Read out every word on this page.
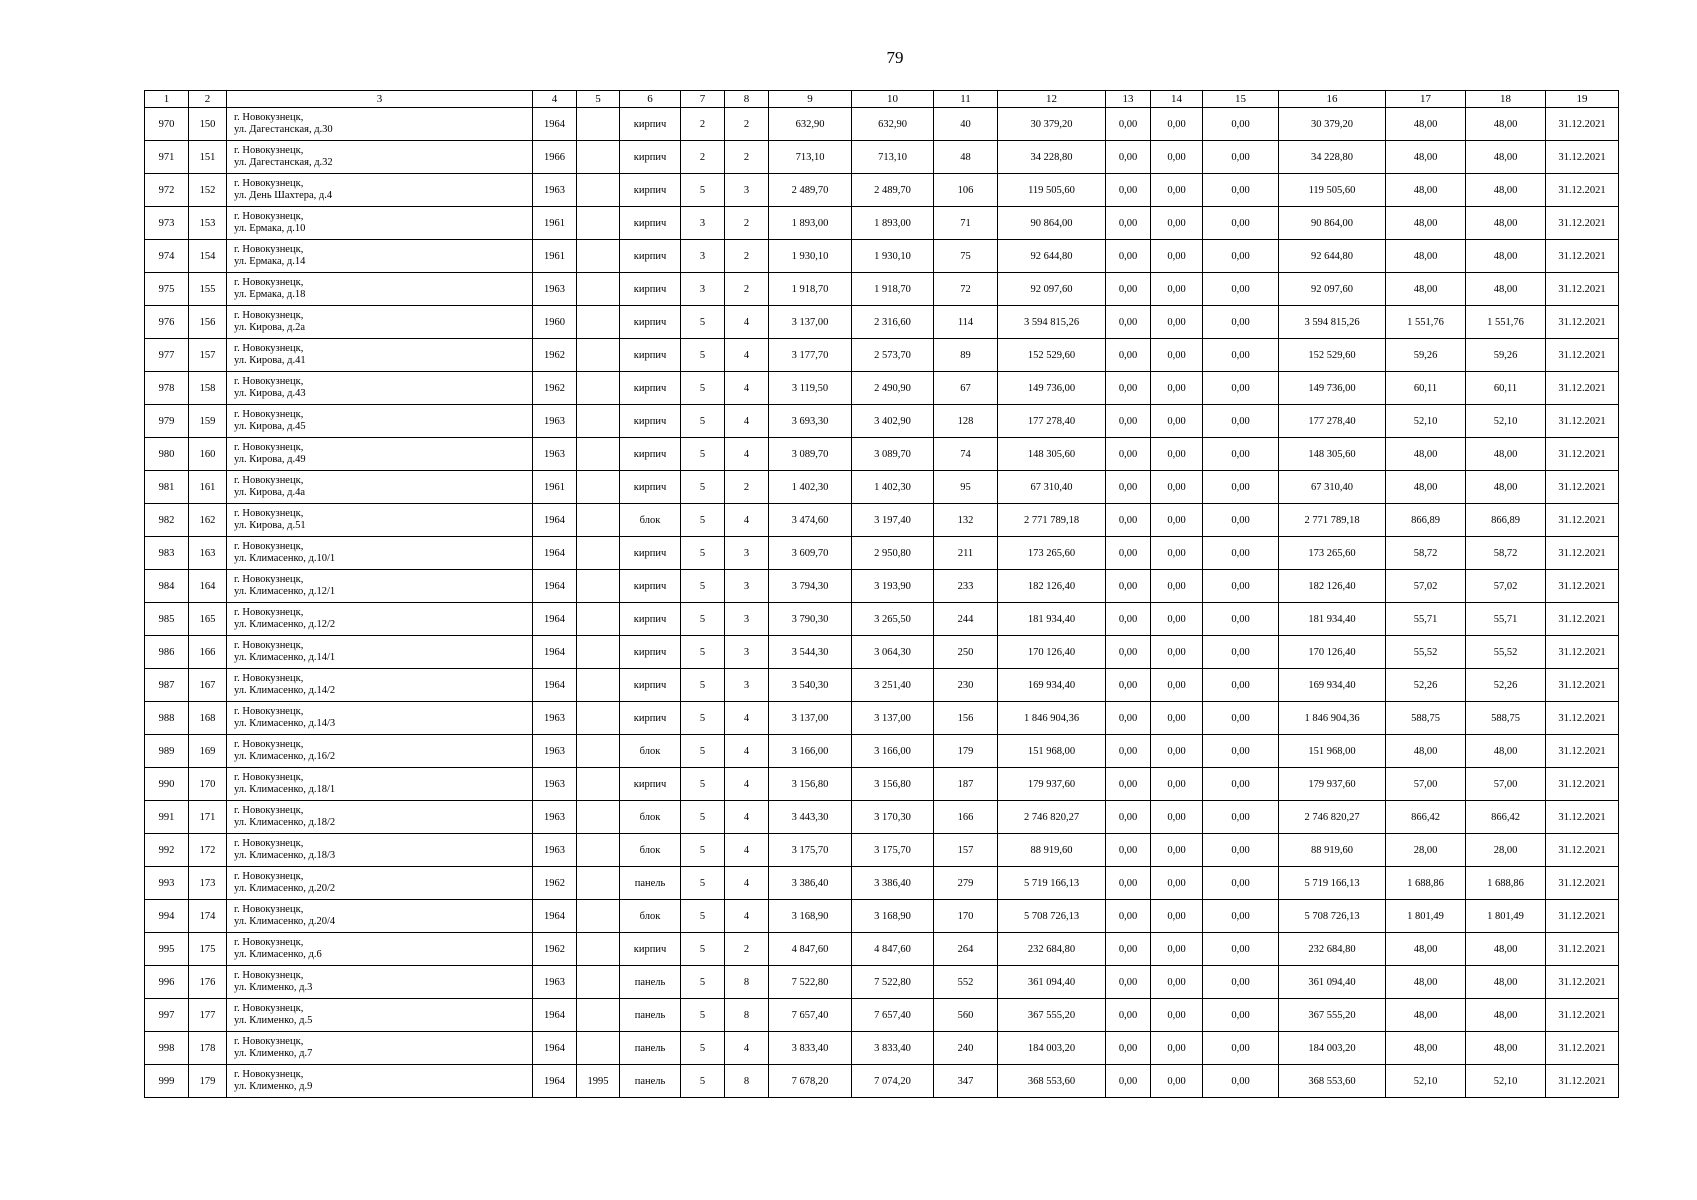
79
1	2	3	4	5	6	7	8	9	10	11	12	13	14	15	16	17	18	19
970	150	г. Новокузнецк,
ул. Дагестанская, д.30	1964		кирпич	2	2	632,90	632,90	40	30 379,20	0,00	0,00	0,00	30 379,20	48,00	48,00	31.12.2021
971	151	г. Новокузнецк,
ул. Дагестанская, д.32	1966		кирпич	2	2	713,10	713,10	48	34 228,80	0,00	0,00	0,00	34 228,80	48,00	48,00	31.12.2021
972	152	г. Новокузнецк,
ул. День Шахтера, д.4	1963		кирпич	5	3	2 489,70	2 489,70	106	119 505,60	0,00	0,00	0,00	119 505,60	48,00	48,00	31.12.2021
973	153	г. Новокузнецк,
ул. Ермака, д.10	1961		кирпич	3	2	1 893,00	1 893,00	71	90 864,00	0,00	0,00	0,00	90 864,00	48,00	48,00	31.12.2021
974	154	г. Новокузнецк,
ул. Ермака, д.14	1961		кирпич	3	2	1 930,10	1 930,10	75	92 644,80	0,00	0,00	0,00	92 644,80	48,00	48,00	31.12.2021
975	155	г. Новокузнецк,
ул. Ермака, д.18	1963		кирпич	3	2	1 918,70	1 918,70	72	92 097,60	0,00	0,00	0,00	92 097,60	48,00	48,00	31.12.2021
976	156	г. Новокузнецк,
ул. Кирова, д.2а	1960		кирпич	5	4	3 137,00	2 316,60	114	3 594 815,26	0,00	0,00	0,00	3 594 815,26	1 551,76	1 551,76	31.12.2021
977	157	г. Новокузнецк,
ул. Кирова, д.41	1962		кирпич	5	4	3 177,70	2 573,70	89	152 529,60	0,00	0,00	0,00	152 529,60	59,26	59,26	31.12.2021
978	158	г. Новокузнецк,
ул. Кирова, д.43	1962		кирпич	5	4	3 119,50	2 490,90	67	149 736,00	0,00	0,00	0,00	149 736,00	60,11	60,11	31.12.2021
979	159	г. Новокузнецк,
ул. Кирова, д.45	1963		кирпич	5	4	3 693,30	3 402,90	128	177 278,40	0,00	0,00	0,00	177 278,40	52,10	52,10	31.12.2021
980	160	г. Новокузнецк,
ул. Кирова, д.49	1963		кирпич	5	4	3 089,70	3 089,70	74	148 305,60	0,00	0,00	0,00	148 305,60	48,00	48,00	31.12.2021
981	161	г. Новокузнецк,
ул. Кирова, д.4а	1961		кирпич	5	2	1 402,30	1 402,30	95	67 310,40	0,00	0,00	0,00	67 310,40	48,00	48,00	31.12.2021
982	162	г. Новокузнецк,
ул. Кирова, д.51	1964		блок	5	4	3 474,60	3 197,40	132	2 771 789,18	0,00	0,00	0,00	2 771 789,18	866,89	866,89	31.12.2021
983	163	г. Новокузнецк,
ул. Климасенко, д.10/1	1964		кирпич	5	3	3 609,70	2 950,80	211	173 265,60	0,00	0,00	0,00	173 265,60	58,72	58,72	31.12.2021
984	164	г. Новокузнецк,
ул. Климасенко, д.12/1	1964		кирпич	5	3	3 794,30	3 193,90	233	182 126,40	0,00	0,00	0,00	182 126,40	57,02	57,02	31.12.2021
985	165	г. Новокузнецк,
ул. Климасенко, д.12/2	1964		кирпич	5	3	3 790,30	3 265,50	244	181 934,40	0,00	0,00	0,00	181 934,40	55,71	55,71	31.12.2021
986	166	г. Новокузнецк,
ул. Климасенко, д.14/1	1964		кирпич	5	3	3 544,30	3 064,30	250	170 126,40	0,00	0,00	0,00	170 126,40	55,52	55,52	31.12.2021
987	167	г. Новокузнецк,
ул. Климасенко, д.14/2	1964		кирпич	5	3	3 540,30	3 251,40	230	169 934,40	0,00	0,00	0,00	169 934,40	52,26	52,26	31.12.2021
988	168	г. Новокузнецк,
ул. Климасенко, д.14/3	1963		кирпич	5	4	3 137,00	3 137,00	156	1 846 904,36	0,00	0,00	0,00	1 846 904,36	588,75	588,75	31.12.2021
989	169	г. Новокузнецк,
ул. Климасенко, д.16/2	1963		блок	5	4	3 166,00	3 166,00	179	151 968,00	0,00	0,00	0,00	151 968,00	48,00	48,00	31.12.2021
990	170	г. Новокузнецк,
ул. Климасенко, д.18/1	1963		кирпич	5	4	3 156,80	3 156,80	187	179 937,60	0,00	0,00	0,00	179 937,60	57,00	57,00	31.12.2021
991	171	г. Новокузнецк,
ул. Климасенко, д.18/2	1963		блок	5	4	3 443,30	3 170,30	166	2 746 820,27	0,00	0,00	0,00	2 746 820,27	866,42	866,42	31.12.2021
992	172	г. Новокузнецк,
ул. Климасенко, д.18/3	1963		блок	5	4	3 175,70	3 175,70	157	88 919,60	0,00	0,00	0,00	88 919,60	28,00	28,00	31.12.2021
993	173	г. Новокузнецк,
ул. Климасенко, д.20/2	1962		панель	5	4	3 386,40	3 386,40	279	5 719 166,13	0,00	0,00	0,00	5 719 166,13	1 688,86	1 688,86	31.12.2021
994	174	г. Новокузнецк,
ул. Климасенко, д.20/4	1964		блок	5	4	3 168,90	3 168,90	170	5 708 726,13	0,00	0,00	0,00	5 708 726,13	1 801,49	1 801,49	31.12.2021
995	175	г. Новокузнецк,
ул. Климасенко, д.6	1962		кирпич	5	2	4 847,60	4 847,60	264	232 684,80	0,00	0,00	0,00	232 684,80	48,00	48,00	31.12.2021
996	176	г. Новокузнецк,
ул. Клименко, д.3	1963		панель	5	8	7 522,80	7 522,80	552	361 094,40	0,00	0,00	0,00	361 094,40	48,00	48,00	31.12.2021
997	177	г. Новокузнецк,
ул. Клименко, д.5	1964		панель	5	8	7 657,40	7 657,40	560	367 555,20	0,00	0,00	0,00	367 555,20	48,00	48,00	31.12.2021
998	178	г. Новокузнецк,
ул. Клименко, д.7	1964		панель	5	4	3 833,40	3 833,40	240	184 003,20	0,00	0,00	0,00	184 003,20	48,00	48,00	31.12.2021
999	179	г. Новокузнецк,
ул. Клименко, д.9	1964	1995	панель	5	8	7 678,20	7 074,20	347	368 553,60	0,00	0,00	0,00	368 553,60	52,10	52,10	31.12.2021
